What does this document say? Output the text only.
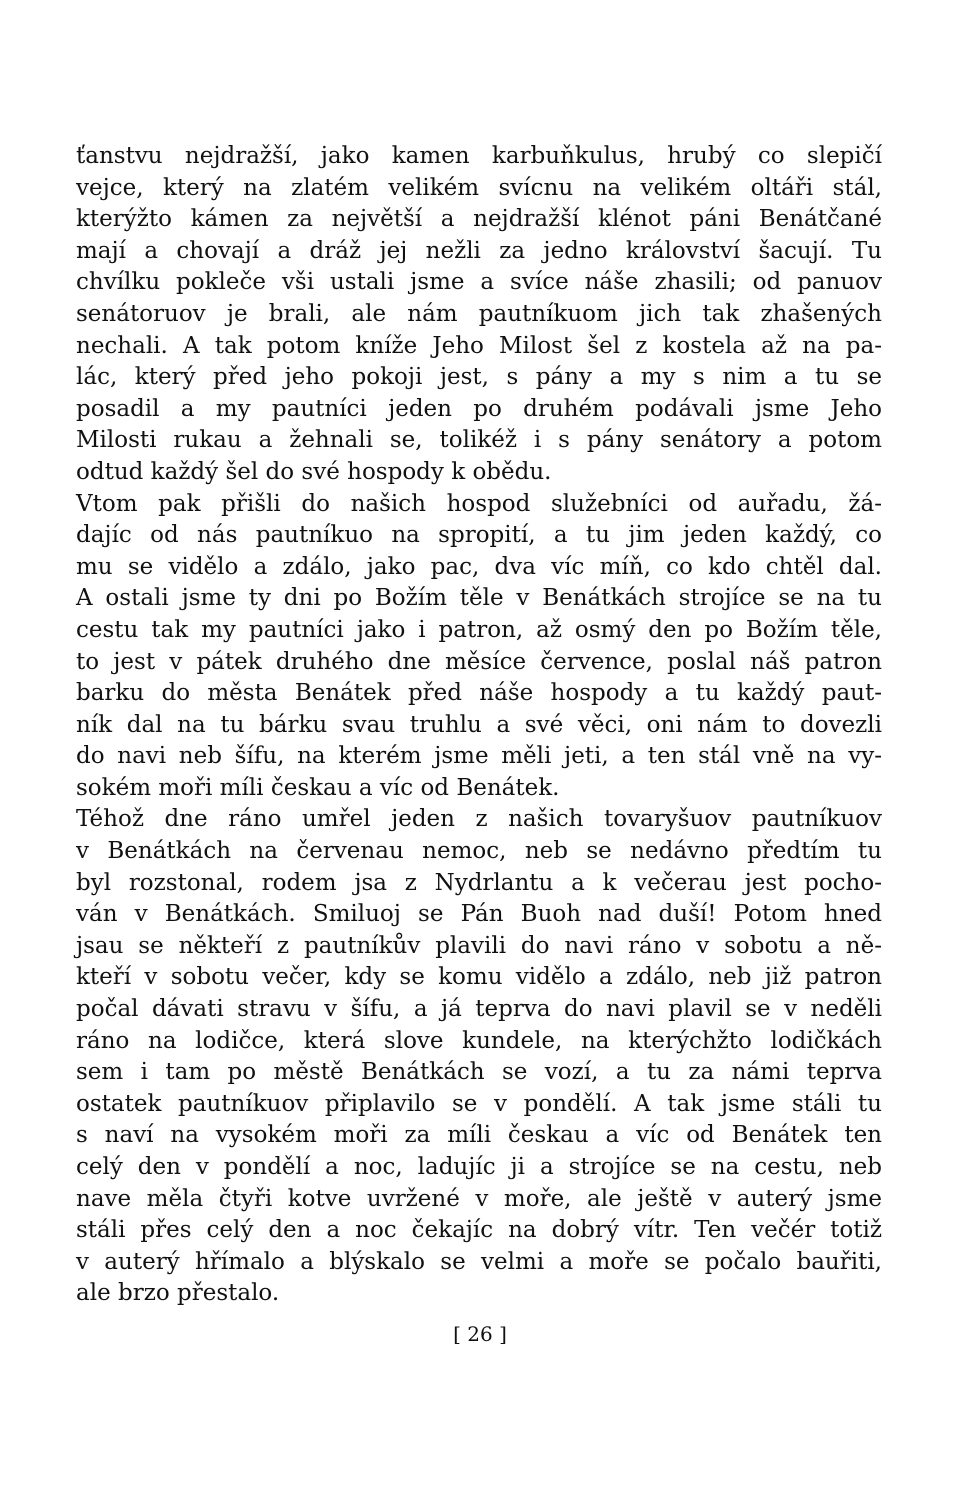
ťanstvu nejdražší, jako kamen karbuňkulus, hrubý co slepičí
vejce, který na zlatém velikém svícnu na velikém oltáři stál,
kterýžto kámen za největší a nejdražší klénot páni Benátčané
mají a chovají a dráž jej nežli za jedno království šacují. Tu
chvílku pokleče vši ustali jsme a svíce náše zhasili; od panuov
senátoruov je brali, ale nám pautníkuom jich tak zhašených
nechali. A tak potom kníže Jeho Milost šel z kostela až na pa-
lác, který před jeho pokoji jest, s pány a my s nim a tu se
posadil a my pautníci jeden po druhém podávali jsme Jeho
Milosti rukau a žehnali se, tolikéž i s pány senátory a potom
odtud každý šel do své hospody k obědu.

Vtom pak přišli do našich hospod služebníci od auřadu, žá-
dajíc od nás pautníkuo na spropití, a tu jim jeden každý, co
mu se vidělo a zdálo, jako pac, dva víc míň, co kdo chtěl dal.
A ostali jsme ty dni po Božím těle v Benátkách strojíce se na tu
cestu tak my pautníci jako i patron, až osmý den po Božím těle,
to jest v pátek druhého dne měsíce července, poslal náš patron
barku do města Benátek před náše hospody a tu každý paut-
ník dal na tu bárku svau truhlu a své věci, oni nám to dovezli
do navi neb šífu, na kterém jsme měli jeti, a ten stál vně na vy-
sokém moři míli českau a víc od Benátek.

Téhož dne ráno umřel jeden z našich tovaryšuov pautníkuov
v Benátkách na červenau nemoc, neb se nedávno předtím tu
byl rozstonal, rodem jsa z Nydrlantu a k večerau jest pocho-
ván v Benátkách. Smiluoj se Pán Buoh nad duší! Potom hned
jsau se někteří z pautníkův plavili do navi ráno v sobotu a ně-
kteří v sobotu večer, kdy se komu vidělo a zdálo, neb již patron
počal dávati stravu v šífu, a já teprva do navi plavil se v neděli
ráno na lodičce, která slove kundele, na kterýchžto lodičkách
sem i tam po městě Benátkách se vozí, a tu za námi teprva
ostatek pautníkuov připlavilo se v pondělí. A tak jsme stáli tu
s naví na vysokém moři za míli českau a víc od Benátek ten
celý den v pondělí a noc, ladujíc ji a strojíce se na cestu, neb
nave měla čtyři kotve uvržené v moře, ale ještě v auterý jsme
stáli přes celý den a noc čekajíc na dobrý vítr. Ten večér totiž
v auterý hřímalo a blýskalo se velmi a moře se počalo bauřiti,
ale brzo přestalo.

[ 26 ]
